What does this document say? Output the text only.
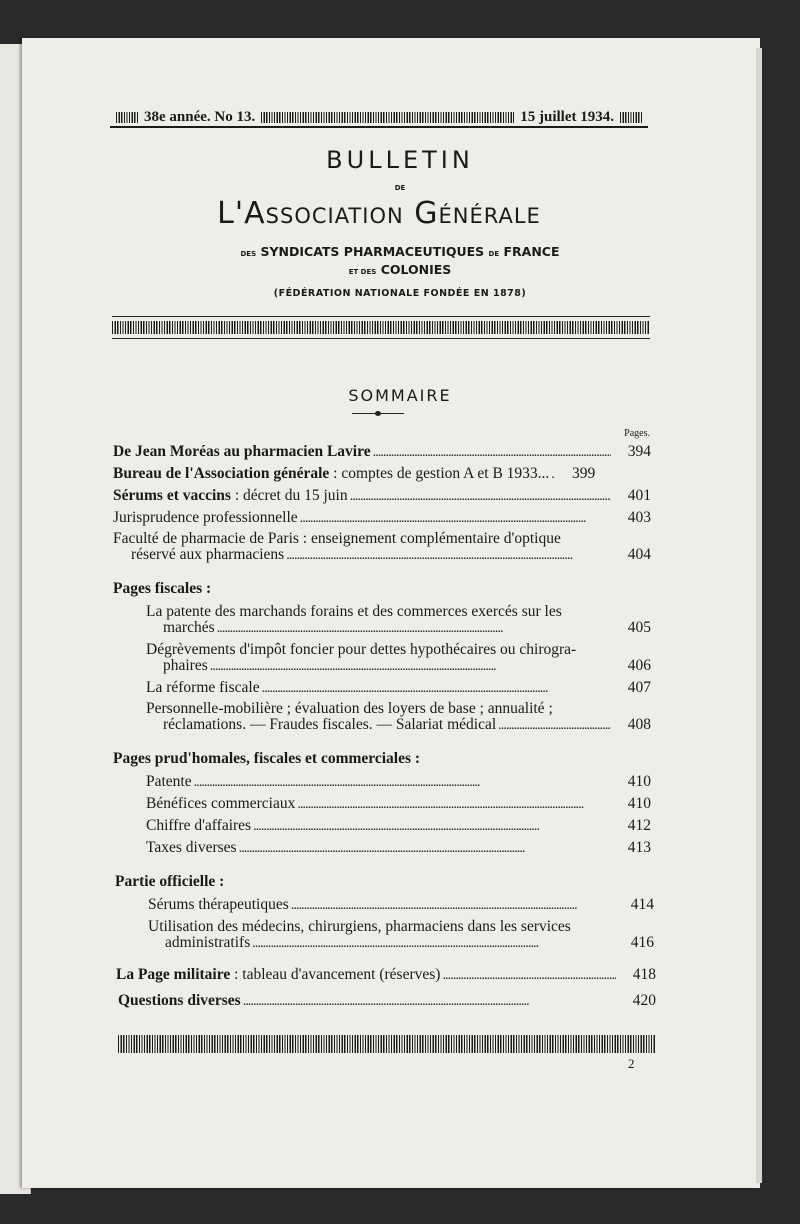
38e année. No 13.	15 juillet 1934.
BULLETIN
DE
L'Association Générale
DES SYNDICATS PHARMACEUTIQUES DE FRANCE
ET DES COLONIES
(FÉDÉRATION NATIONALE FONDÉE EN 1878)
SOMMAIRE
Pages.
De Jean Moréas au pharmacien Lavire . . .	394
Bureau de l'Association générale : comptes de gestion A et B 1933... . . .	399
Sérums et vaccins : décret du 15 juin . . .	401
Jurisprudence professionnelle . . .	403
Faculté de pharmacie de Paris : enseignement complémentaire d'optique
réservé aux pharmaciens . . .	404
Pages fiscales :
La patente des marchands forains et des commerces exercés sur les
marchés . . .	405
Dégrèvements d'impôt foncier pour dettes hypothécaires ou chirogra-
phaires . . .	406
La réforme fiscale . . .	407
Personnelle-mobilière ; évaluation des loyers de base ; annualité ;
réclamations. — Fraudes fiscales. — Salariat médical . . .	408
Pages prud'homales, fiscales et commerciales :
Patente . . .	410
Bénéfices commerciaux . . .	410
Chiffre d'affaires . . .	412
Taxes diverses . . .	413
Partie officielle :
Sérums thérapeutiques . . .	414
Utilisation des médecins, chirurgiens, pharmaciens dans les services
administratifs . . .	416
La Page militaire : tableau d'avancement (réserves) . . .	418
Questions diverses . . .	420
2
